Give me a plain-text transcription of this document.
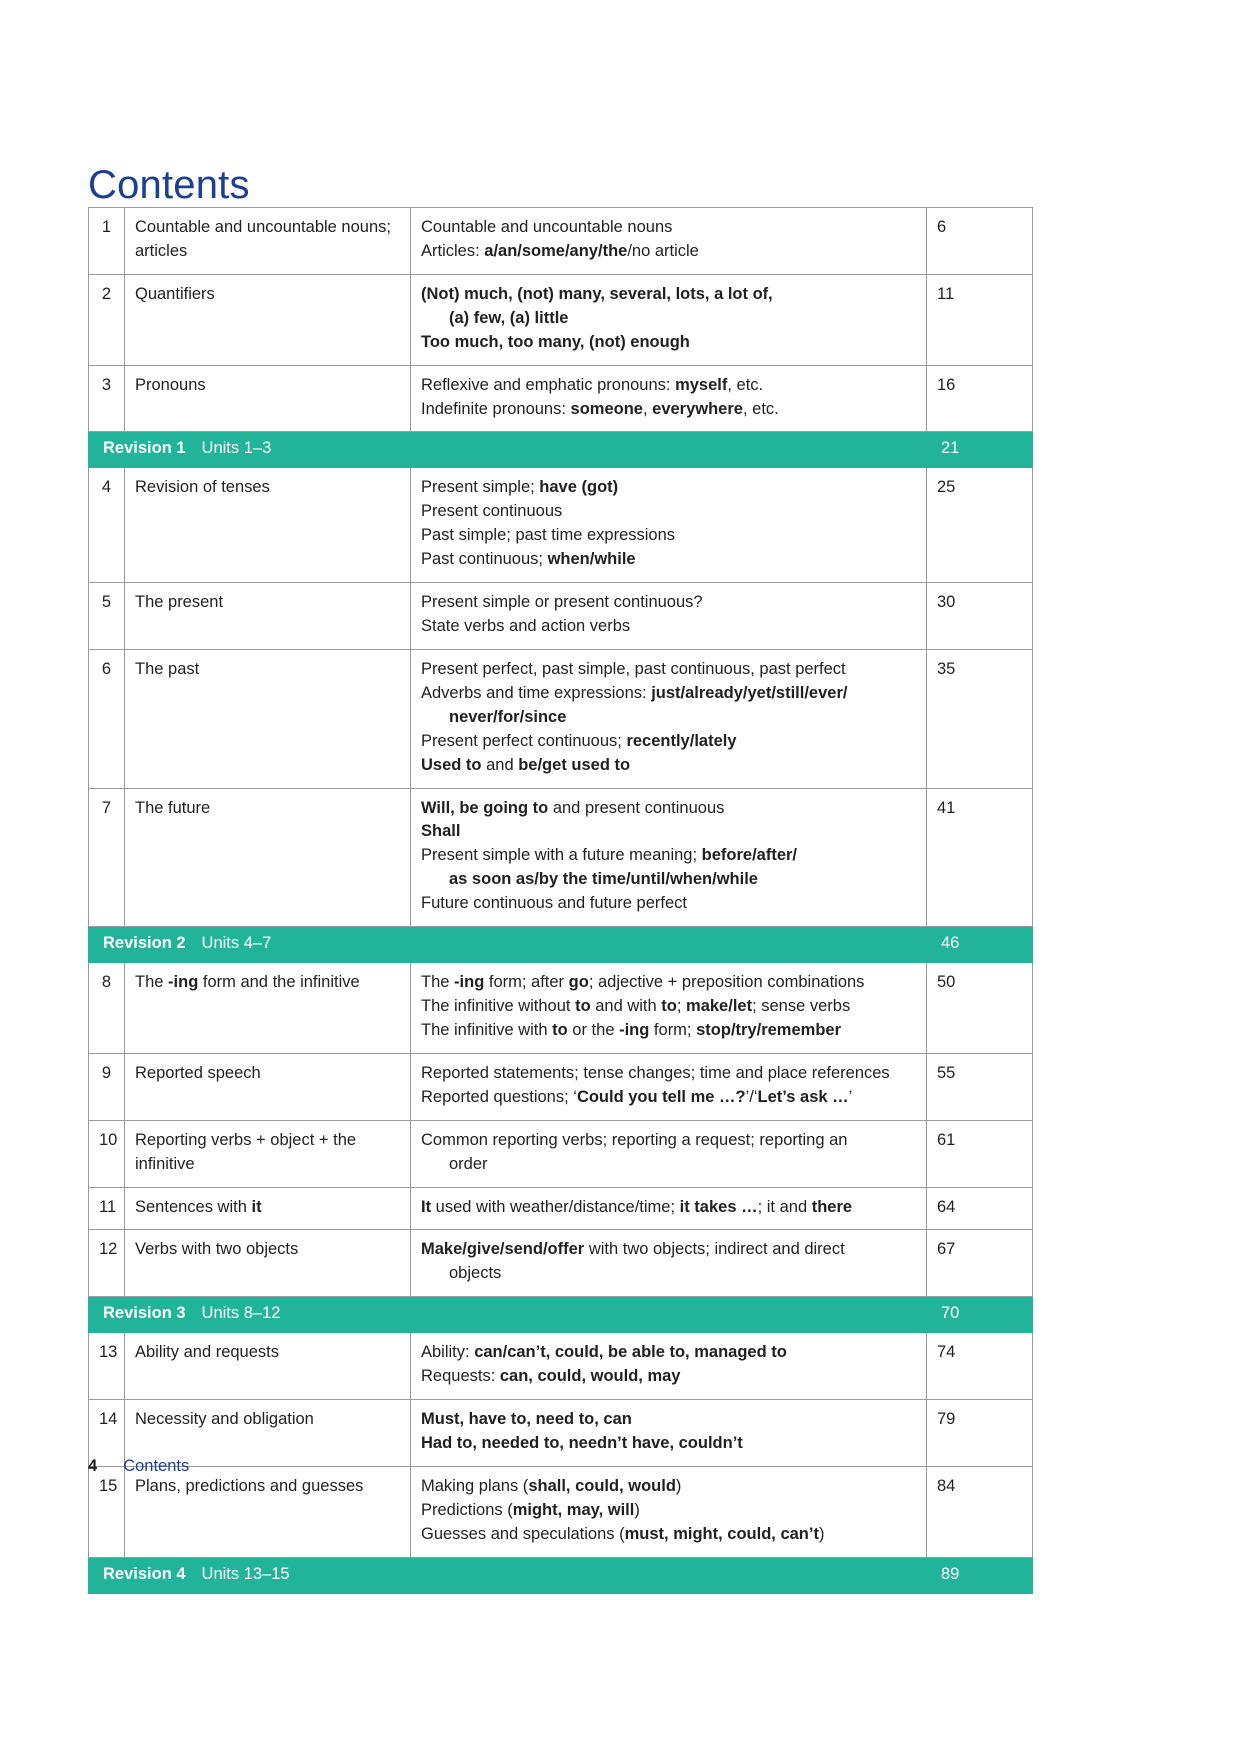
Contents
1	Countable and uncountable nouns; articles	Countable and uncountable nouns
Articles: a/an/some/any/the/no article	6
2	Quantifiers	(Not) much, (not) many, several, lots, a lot of,
(a) few, (a) little
Too much, too many, (not) enough	11
3	Pronouns	Reflexive and emphatic pronouns: myself, etc.
Indefinite pronouns: someone, everywhere, etc.	16
Revision 1 Units 1–3			21
4	Revision of tenses	Present simple; have (got)
Present continuous
Past simple; past time expressions
Past continuous; when/while	25
5	The present	Present simple or present continuous?
State verbs and action verbs	30
6	The past	Present perfect, past simple, past continuous, past perfect
Adverbs and time expressions: just/already/yet/still/ever/
never/for/since
Present perfect continuous; recently/lately
Used to and be/get used to	35
7	The future	Will, be going to and present continuous
Shall
Present simple with a future meaning; before/after/
as soon as/by the time/until/when/while
Future continuous and future perfect	41
Revision 2 Units 4–7			46
8	The -ing form and the infinitive	The -ing form; after go; adjective + preposition combinations
The infinitive without to and with to; make/let; sense verbs
The infinitive with to or the -ing form; stop/try/remember	50
9	Reported speech	Reported statements; tense changes; time and place references
Reported questions; ‘Could you tell me …?’/‘Let’s ask …’	55
10	Reporting verbs + object + the infinitive	Common reporting verbs; reporting a request; reporting an
order	61
11	Sentences with it	It used with weather/distance/time; it takes …; it and there	64
12	Verbs with two objects	Make/give/send/offer with two objects; indirect and direct
objects	67
Revision 3 Units 8–12			70
13	Ability and requests	Ability: can/can’t, could, be able to, managed to
Requests: can, could, would, may	74
14	Necessity and obligation	Must, have to, need to, can
Had to, needed to, needn’t have, couldn’t	79
15	Plans, predictions and guesses	Making plans (shall, could, would)
Predictions (might, may, will)
Guesses and speculations (must, might, could, can’t)	84
Revision 4 Units 13–15			89
4 Contents
